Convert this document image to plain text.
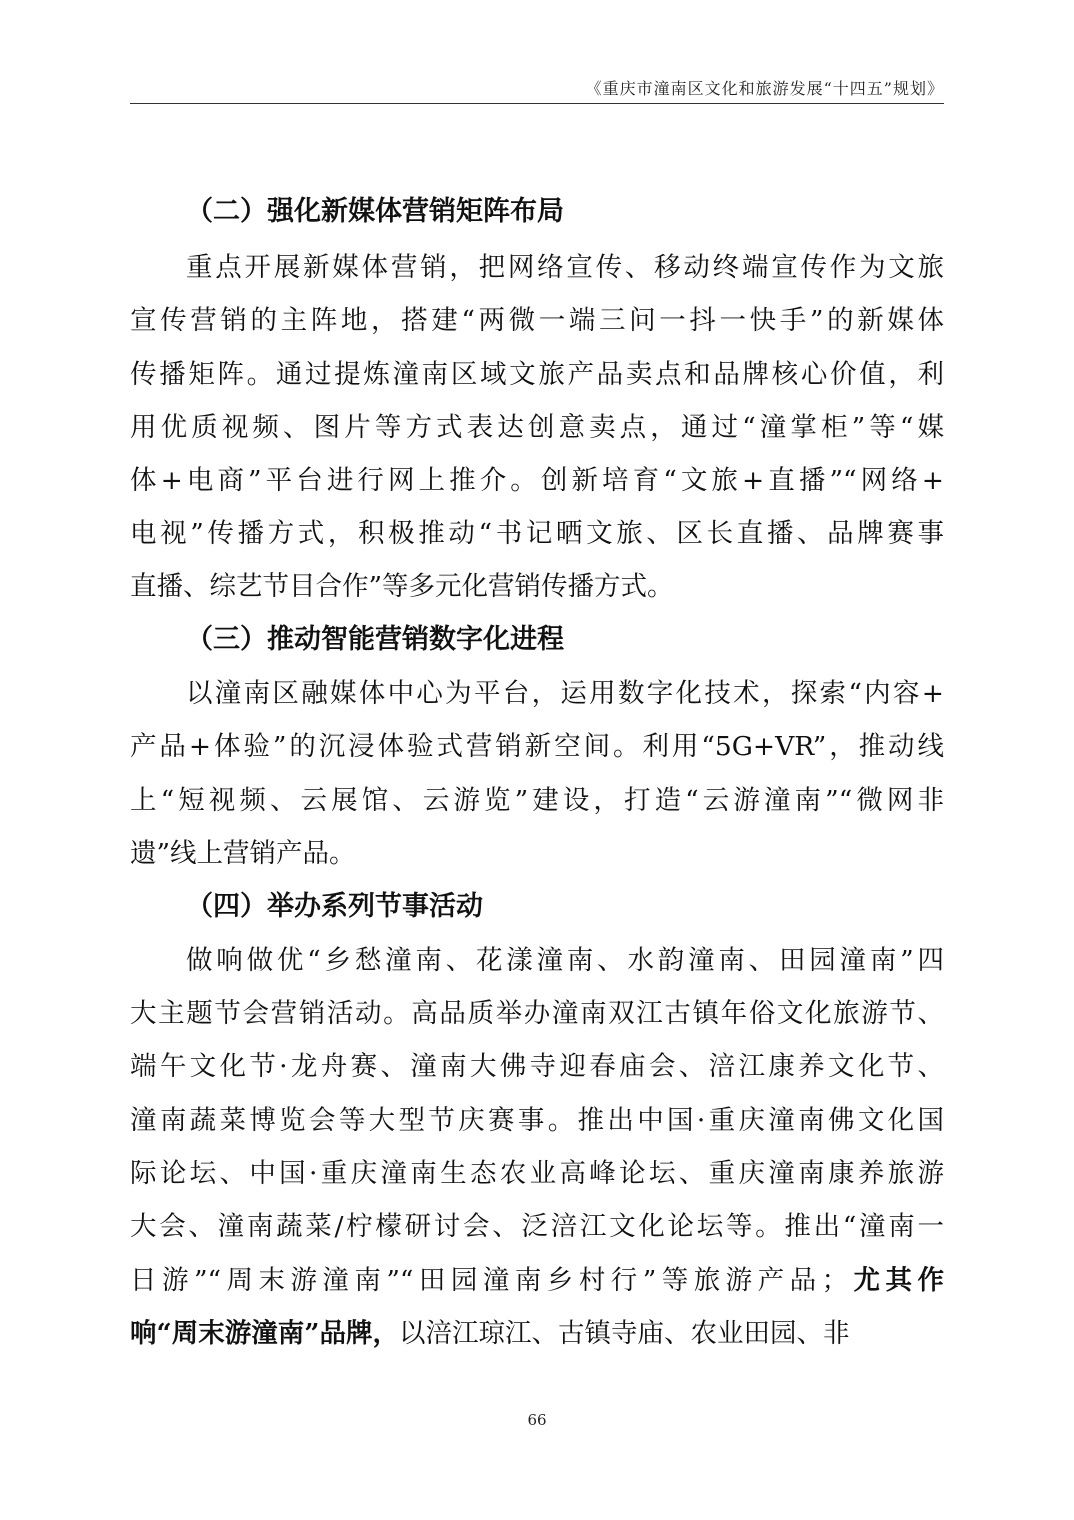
《重庆市潼南区文化和旅游发展“十四五”规划》
（二）强化新媒体营销矩阵布局
重点开展新媒体营销，把网络宣传、移动终端宣传作为文旅
宣传营销的主阵地，搭建“两微一端三问一抖一快手”的新媒体
传播矩阵。通过提炼潼南区域文旅产品卖点和品牌核心价值，利
用优质视频、图片等方式表达创意卖点，通过“潼掌柜”等“媒
体+电商”平台进行网上推介。创新培育“文旅+直播”“网络+
电视”传播方式，积极推动“书记晒文旅、区长直播、品牌赛事
直播、综艺节目合作”等多元化营销传播方式。
（三）推动智能营销数字化进程
以潼南区融媒体中心为平台，运用数字化技术，探索“内容+
产品+体验”的沉浸体验式营销新空间。利用“5G+VR”，推动线
上“短视频、云展馆、云游览”建设，打造“云游潼南”“微网非
遗”线上营销产品。
（四）举办系列节事活动
做响做优“乡愁潼南、花漾潼南、水韵潼南、田园潼南”四
大主题节会营销活动。高品质举办潼南双江古镇年俗文化旅游节、
端午文化节·龙舟赛、潼南大佛寺迎春庙会、涪江康养文化节、
潼南蔬菜博览会等大型节庆赛事。推出中国·重庆潼南佛文化国
际论坛、中国·重庆潼南生态农业高峰论坛、重庆潼南康养旅游
大会、潼南蔬菜/柠檬研讨会、泛涪江文化论坛等。推出“潼南一
日游”“周末游潼南”“田园潼南乡村行”等旅游产品；尤其作
响“周末游潼南”品牌，以涪江琼江、古镇寺庙、农业田园、非
66
